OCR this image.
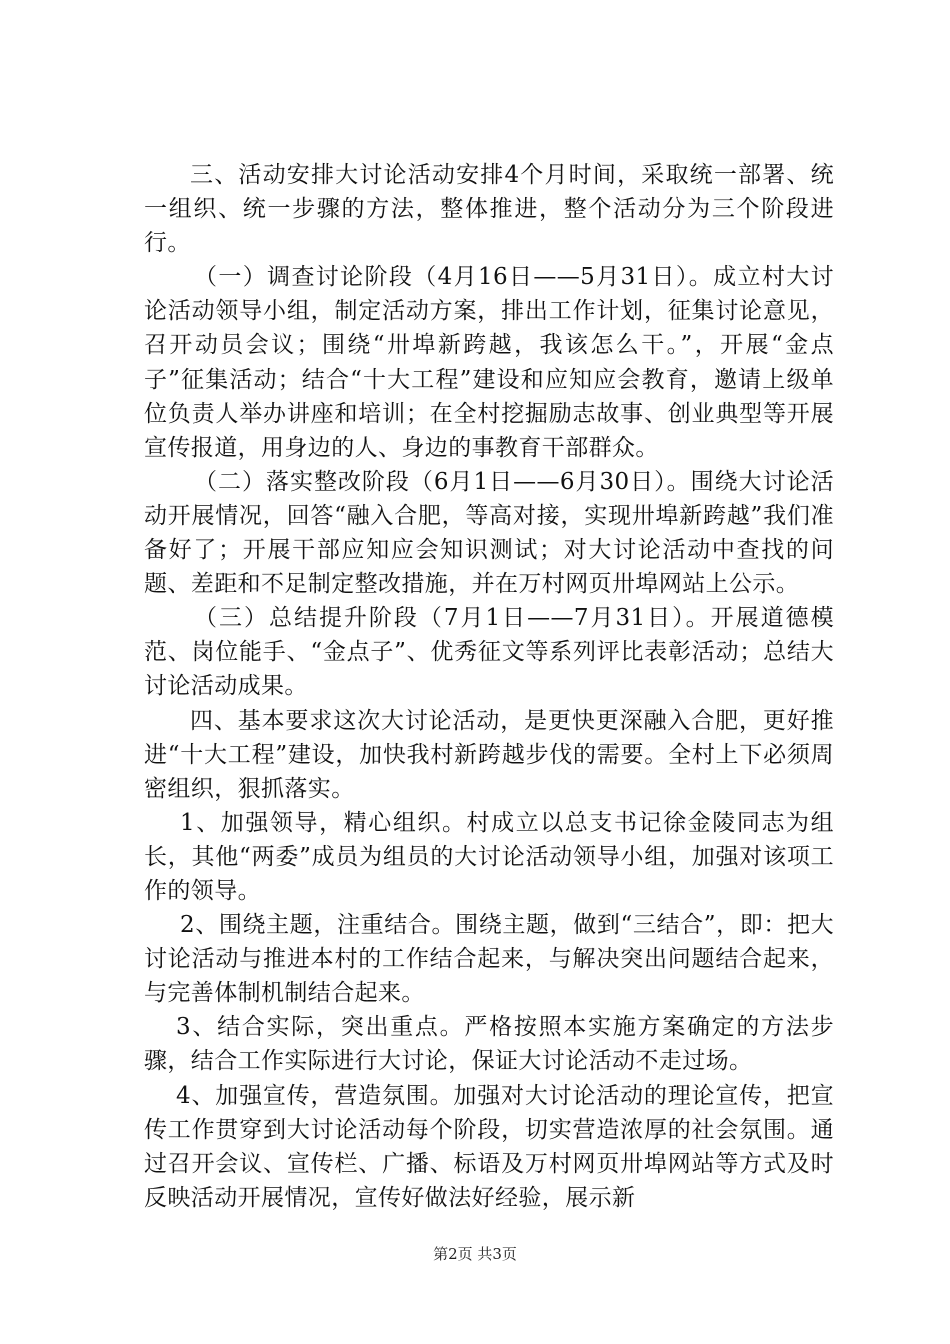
三、活动安排大讨论活动安排4个月时间，采取统一部署、统一组织、统一步骤的方法，整体推进，整个活动分为三个阶段进行。

（一）调查讨论阶段（4月16日——5月31日）。成立村大讨论活动领导小组，制定活动方案，排出工作计划，征集讨论意见，召开动员会议；围绕“卅埠新跨越，我该怎么干。”，开展“金点子”征集活动；结合“十大工程”建设和应知应会教育，邀请上级单位负责人举办讲座和培训；在全村挖掘励志故事、创业典型等开展宣传报道，用身边的人、身边的事教育干部群众。

（二）落实整改阶段（6月1日——6月30日）。围绕大讨论活动开展情况，回答“融入合肥，等高对接，实现卅埠新跨越”我们准备好了；开展干部应知应会知识测试；对大讨论活动中查找的问题、差距和不足制定整改措施，并在万村网页卅埠网站上公示。

（三）总结提升阶段（7月1日——7月31日）。开展道德模范、岗位能手、“金点子”、优秀征文等系列评比表彰活动；总结大讨论活动成果。

四、基本要求这次大讨论活动，是更快更深融入合肥，更好推进“十大工程”建设，加快我村新跨越步伐的需要。全村上下必须周密组织，狠抓落实。

1、加强领导，精心组织。村成立以总支书记徐金陵同志为组长，其他“两委”成员为组员的大讨论活动领导小组，加强对该项工作的领导。

2、围绕主题，注重结合。围绕主题，做到“三结合”，即：把大讨论活动与推进本村的工作结合起来，与解决突出问题结合起来，与完善体制机制结合起来。

3、结合实际，突出重点。严格按照本实施方案确定的方法步骤，结合工作实际进行大讨论，保证大讨论活动不走过场。

4、加强宣传，营造氛围。加强对大讨论活动的理论宣传，把宣传工作贯穿到大讨论活动每个阶段，切实营造浓厚的社会氛围。通过召开会议、宣传栏、广播、标语及万村网页卅埠网站等方式及时反映活动开展情况，宣传好做法好经验，展示新

第2页 共3页
